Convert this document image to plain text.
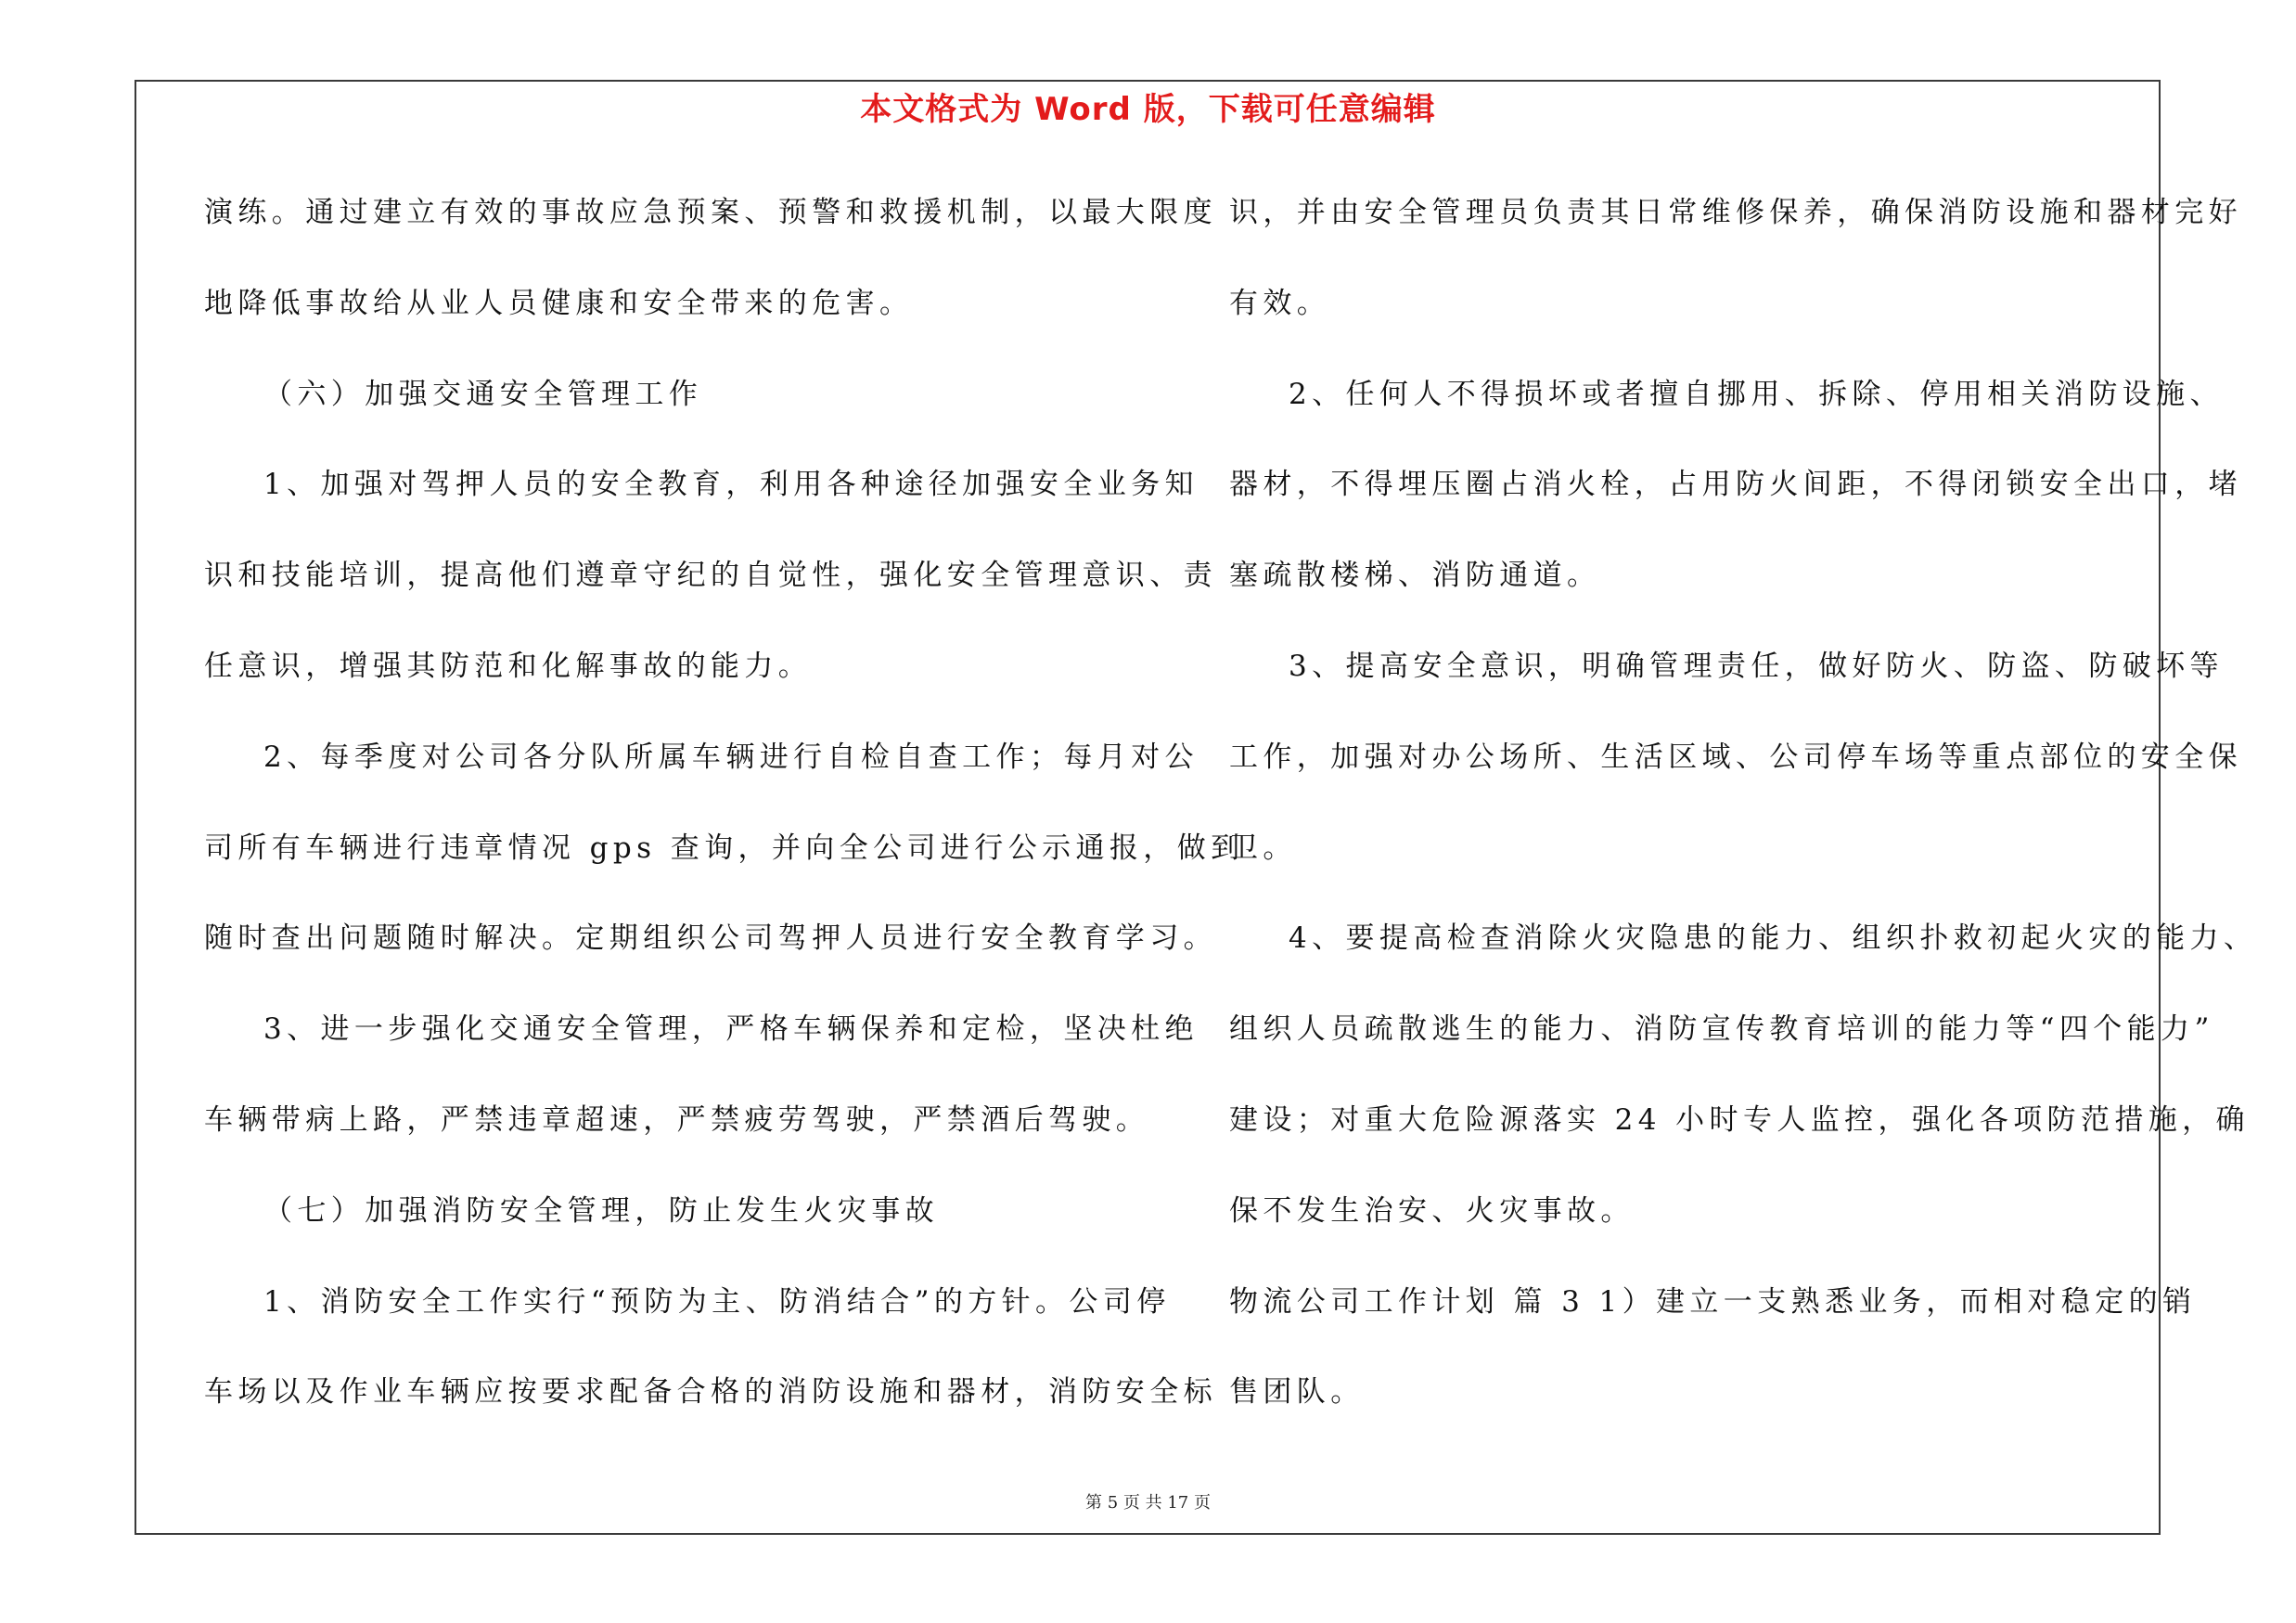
本文格式为 Word 版，下载可任意编辑
演练。通过建立有效的事故应急预案、预警和救援机制，以最大限度
地降低事故给从业人员健康和安全带来的危害。
（六）加强交通安全管理工作
1、加强对驾押人员的安全教育，利用各种途径加强安全业务知
识和技能培训，提高他们遵章守纪的自觉性，强化安全管理意识、责
任意识，增强其防范和化解事故的能力。
2、每季度对公司各分队所属车辆进行自检自查工作；每月对公
司所有车辆进行违章情况 gps 查询，并向全公司进行公示通报，做到
随时查出问题随时解决。定期组织公司驾押人员进行安全教育学习。
3、进一步强化交通安全管理，严格车辆保养和定检，坚决杜绝
车辆带病上路，严禁违章超速，严禁疲劳驾驶，严禁酒后驾驶。
（七）加强消防安全管理，防止发生火灾事故
1、消防安全工作实行“预防为主、防消结合”的方针。公司停
车场以及作业车辆应按要求配备合格的消防设施和器材，消防安全标
识，并由安全管理员负责其日常维修保养，确保消防设施和器材完好
有效。
2、任何人不得损坏或者擅自挪用、拆除、停用相关消防设施、
器材，不得埋压圈占消火栓，占用防火间距，不得闭锁安全出口，堵
塞疏散楼梯、消防通道。
3、提高安全意识，明确管理责任，做好防火、防盗、防破坏等
工作，加强对办公场所、生活区域、公司停车场等重点部位的安全保
卫。
4、要提高检查消除火灾隐患的能力、组织扑救初起火灾的能力、
组织人员疏散逃生的能力、消防宣传教育培训的能力等“四个能力”
建设；对重大危险源落实 24 小时专人监控，强化各项防范措施，确
保不发生治安、火灾事故。
物流公司工作计划 篇 3 1）建立一支熟悉业务，而相对稳定的销
售团队。
第 5 页 共 17 页
